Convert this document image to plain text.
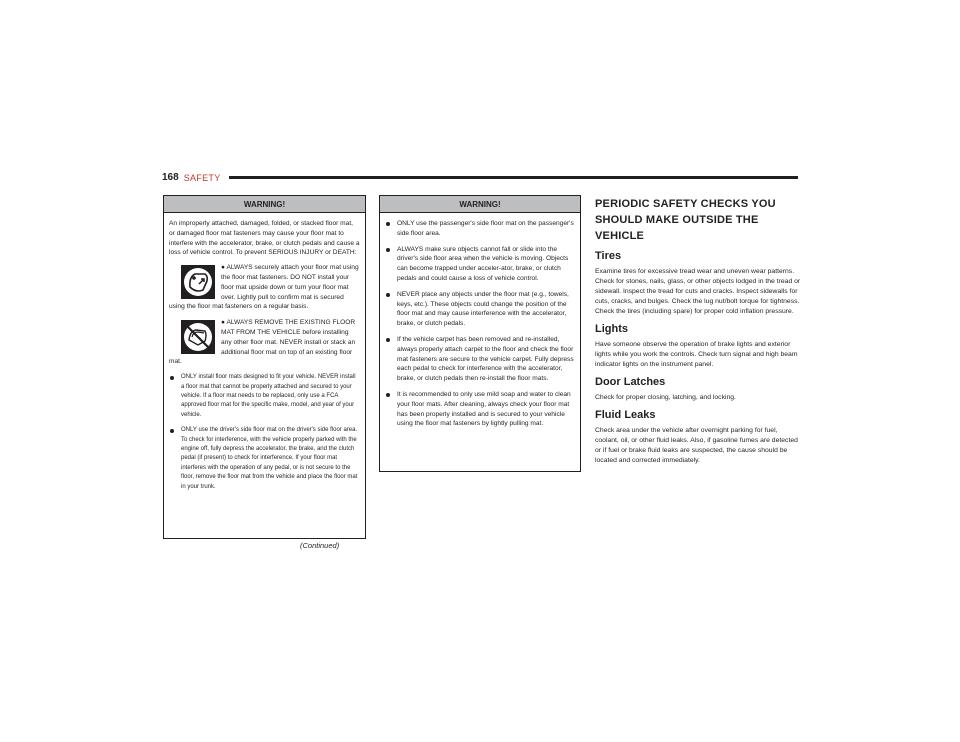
168 SAFETY
WARNING!

An improperly attached, damaged, folded, or stacked floor mat, or damaged floor mat fasteners may cause your floor mat to interfere with the accelerator, brake, or clutch pedals and cause a loss of vehicle control. To prevent SERIOUS INJURY or DEATH:

● ALWAYS securely attach your floor mat using the floor mat fasteners. DO NOT install your floor mat upside down or turn your floor mat over. Lightly pull to confirm mat is secured using the floor mat fasteners on a regular basis.
● ALWAYS REMOVE THE EXISTING FLOOR MAT FROM THE VEHICLE before installing any other floor mat. NEVER install or stack an additional floor mat on top of an existing floor mat.
ONLY install floor mats designed to fit your vehicle. NEVER install a floor mat that cannot be properly attached and secured to your vehicle. If a floor mat needs to be replaced, only use a FCA approved floor mat for the specific make, model, and year of your vehicle.
ONLY use the driver's side floor mat on the driver's side floor area. To check for interference, with the vehicle properly parked with the engine off, fully depress the accelerator, the brake, and the clutch pedal (if present) to check for interference. If your floor mat interferes with the operation of any pedal, or is not secure to the floor, remove the floor mat from the vehicle and place the floor mat in your trunk.
(Continued)
WARNING!
ONLY use the passenger's side floor mat on the passenger's side floor area.
ALWAYS make sure objects cannot fall or slide into the driver's side floor area when the vehicle is moving. Objects can become trapped under acceler-ator, brake, or clutch pedals and could cause a loss of vehicle control.
NEVER place any objects under the floor mat (e.g., towels, keys, etc.). These objects could change the position of the floor mat and may cause interference with the accelerator, brake, or clutch pedals.
If the vehicle carpet has been removed and re-installed, always properly attach carpet to the floor and check the floor mat fasteners are secure to the vehicle carpet. Fully depress each pedal to check for interference with the accelerator, brake, or clutch pedals then re-install the floor mats.
It is recommended to only use mild soap and water to clean your floor mats. After cleaning, always check your floor mat has been properly installed and is secured to your vehicle using the floor mat fasteners by lightly pulling mat.
PERIODIC SAFETY CHECKS YOU SHOULD MAKE OUTSIDE THE VEHICLE
Tires

Examine tires for excessive tread wear and uneven wear patterns. Check for stones, nails, glass, or other objects lodged in the tread or sidewall. Inspect the tread for cuts and cracks. Inspect sidewalls for cuts, cracks, and bulges. Check the lug nut/bolt torque for tightness. Check the tires (including spare) for proper cold inflation pressure.

Lights

Have someone observe the operation of brake lights and exterior lights while you work the controls. Check turn signal and high beam indicator lights on the instrument panel.

Door Latches

Check for proper closing, latching, and locking.

Fluid Leaks

Check area under the vehicle after overnight parking for fuel, coolant, oil, or other fluid leaks. Also, if gasoline fumes are detected or if fuel or brake fluid leaks are suspected, the cause should be located and corrected immediately.
